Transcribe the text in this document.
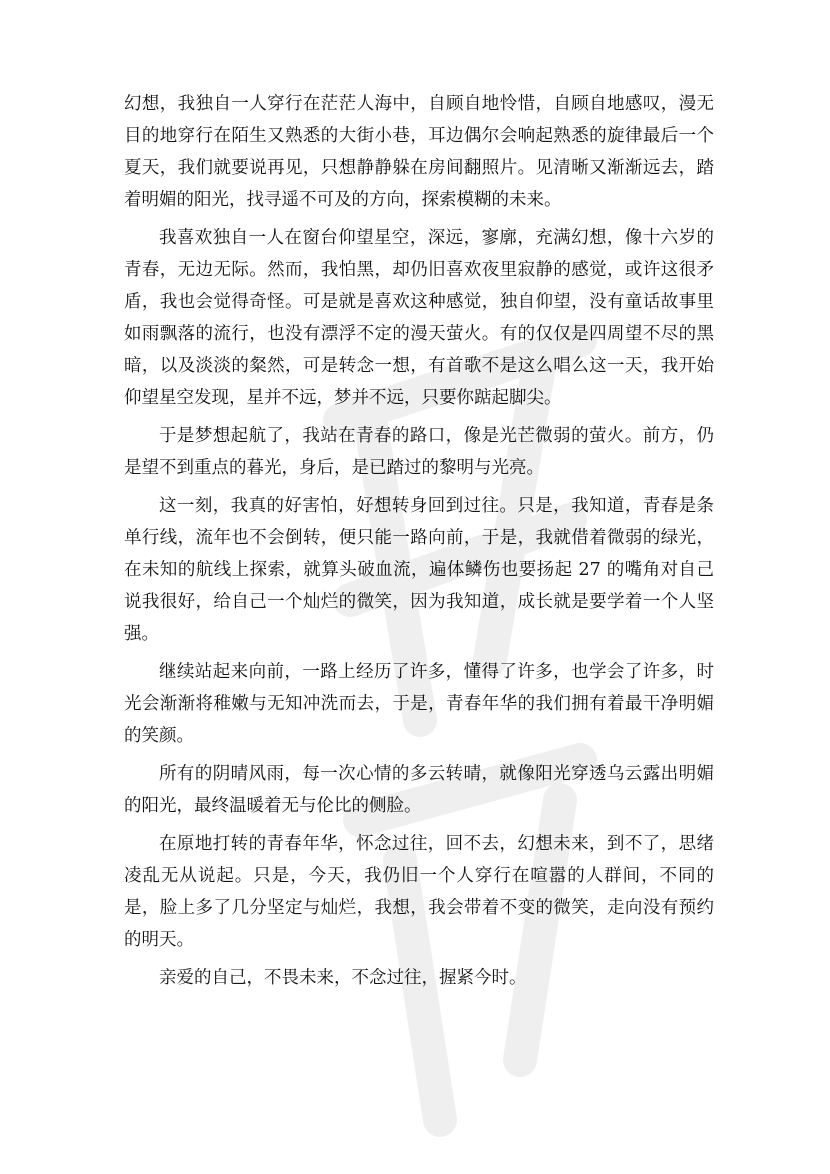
幻想，我独自一人穿行在茫茫人海中，自顾自地怜惜，自顾自地感叹，漫无目的地穿行在陌生又熟悉的大街小巷，耳边偶尔会响起熟悉的旋律最后一个夏天，我们就要说再见，只想静静躲在房间翻照片。见清晰又渐渐远去，踏着明媚的阳光，找寻遥不可及的方向，探索模糊的未来。

我喜欢独自一人在窗台仰望星空，深远，寥廓，充满幻想，像十六岁的青春，无边无际。然而，我怕黑，却仍旧喜欢夜里寂静的感觉，或许这很矛盾，我也会觉得奇怪。可是就是喜欢这种感觉，独自仰望，没有童话故事里如雨飘落的流行，也没有漂浮不定的漫天萤火。有的仅仅是四周望不尽的黑暗，以及淡淡的粲然，可是转念一想，有首歌不是这么唱么这一天，我开始仰望星空发现，星并不远，梦并不远，只要你踮起脚尖。

于是梦想起航了，我站在青春的路口，像是光芒微弱的萤火。前方，仍是望不到重点的暮光，身后，是已踏过的黎明与光亮。

这一刻，我真的好害怕，好想转身回到过往。只是，我知道，青春是条单行线，流年也不会倒转，便只能一路向前，于是，我就借着微弱的绿光，在未知的航线上探索，就算头破血流，遍体鳞伤也要扬起 27 的嘴角对自己说我很好，给自己一个灿烂的微笑，因为我知道，成长就是要学着一个人坚强。

继续站起来向前，一路上经历了许多，懂得了许多，也学会了许多，时光会渐渐将稚嫩与无知冲洗而去，于是，青春年华的我们拥有着最干净明媚的笑颜。

所有的阴晴风雨，每一次心情的多云转晴，就像阳光穿透乌云露出明媚的阳光，最终温暖着无与伦比的侧脸。

在原地打转的青春年华，怀念过往，回不去，幻想未来，到不了，思绪凌乱无从说起。只是，今天，我仍旧一个人穿行在喧嚣的人群间，不同的是，脸上多了几分坚定与灿烂，我想，我会带着不变的微笑，走向没有预约的明天。

亲爱的自己，不畏未来，不念过往，握紧今时。
